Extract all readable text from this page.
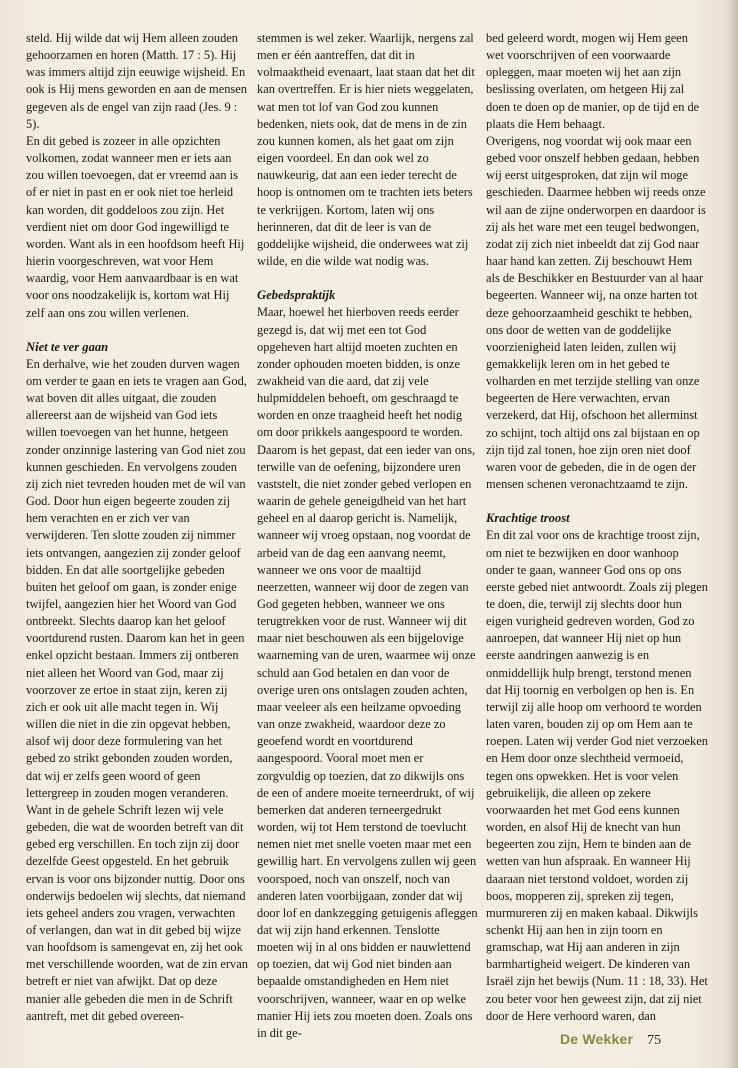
steld. Hij wilde dat wij Hem alleen zouden gehoorzamen en horen (Matth. 17 : 5). Hij was immers altijd zijn eeuwige wijsheid. En ook is Hij mens geworden en aan de mensen gegeven als de engel van zijn raad (Jes. 9 : 5).

En dit gebed is zozeer in alle opzichten volkomen, zodat wanneer men er iets aan zou willen toevoegen, dat er vreemd aan is of er niet in past en er ook niet toe herleid kan worden, dit goddeloos zou zijn. Het verdient niet om door God ingewilligd te worden. Want als in een hoofdsom heeft Hij hierin voorgeschreven, wat voor Hem waardig, voor Hem aanvaardbaar is en wat voor ons noodzakelijk is, kortom wat Hij zelf aan ons zou willen verlenen.

Niet te ver gaan

En derhalve, wie het zouden durven wagen om verder te gaan en iets te vragen aan God, wat boven dit alles uitgaat, die zouden allereerst aan de wijsheid van God iets willen toevoegen van het hunne, hetgeen zonder onzinnige lastering van God niet zou kunnen geschieden. En vervolgens zouden zij zich niet tevreden houden met de wil van God. Door hun eigen begeerte zouden zij hem verachten en er zich ver van verwijderen. Ten slotte zouden zij nimmer iets ontvangen, aangezien zij zonder geloof bidden. En dat alle soortgelijke gebeden buiten het geloof om gaan, is zonder enige twijfel, aangezien hier het Woord van God ontbreekt. Slechts daarop kan het geloof voortdurend rusten. Daarom kan het in geen enkel opzicht bestaan. Immers zij ontberen niet alleen het Woord van God, maar zij voorzover ze ertoe in staat zijn, keren zij zich er ook uit alle macht tegen in. Wij willen die niet in die zin opgevat hebben, alsof wij door deze formulering van het gebed zo strikt gebonden zouden worden, dat wij er zelfs geen woord of geen lettergreep in zouden mogen veranderen. Want in de gehele Schrift lezen wij vele gebeden, die wat de woorden betreft van dit gebed erg verschillen. En toch zijn zij door dezelfde Geest opgesteld. En het gebruik ervan is voor ons bijzonder nuttig. Door ons onderwijs bedoelen wij slechts, dat niemand iets geheel anders zou vragen, verwachten of verlangen, dan wat in dit gebed bij wijze van hoofdsom is samengevat en, zij het ook met verschillende woorden, wat de zin ervan betreft er niet van afwijkt. Dat op deze manier alle gebeden die men in de Schrift aantreft, met dit gebed overeen-

stemmen is wel zeker. Waarlijk, nergens zal men er één aantreffen, dat dit in volmaaktheid evenaart, laat staan dat het dit kan overtreffen. Er is hier niets weggelaten, wat men tot lof van God zou kunnen bedenken, niets ook, dat de mens in de zin zou kunnen komen, als het gaat om zijn eigen voordeel. En dan ook wel zo nauwkeurig, dat aan een ieder terecht de hoop is ontnomen om te trachten iets beters te verkrijgen. Kortom, laten wij ons herinneren, dat dit de leer is van de goddelijke wijsheid, die onderwees wat zij wilde, en die wilde wat nodig was.

Gebedspraktijk

Maar, hoewel het hierboven reeds eerder gezegd is, dat wij met een tot God opgeheven hart altijd moeten zuchten en zonder ophouden moeten bidden, is onze zwakheid van die aard, dat zij vele hulpmiddelen behoeft, om geschraagd te worden en onze traagheid heeft het nodig om door prikkels aangespoord te worden. Daarom is het gepast, dat een ieder van ons, terwille van de oefening, bijzondere uren vaststelt, die niet zonder gebed verlopen en waarin de gehele geneigdheid van het hart geheel en al daarop gericht is. Namelijk, wanneer wij vroeg opstaan, nog voordat de arbeid van de dag een aanvang neemt, wanneer we ons voor de maaltijd neerzetten, wanneer wij door de zegen van God gegeten hebben, wanneer we ons terugtrekken voor de rust. Wanneer wij dit maar niet beschouwen als een bijgelovige waarneming van de uren, waarmee wij onze schuld aan God betalen en dan voor de overige uren ons ontslagen zouden achten, maar veeleer als een heilzame opvoeding van onze zwakheid, waardoor deze zo geoefend wordt en voortdurend aangespoord. Vooral moet men er zorgvuldig op toezien, dat zo dikwijls ons de een of andere moeite terneerdrukt, of wij bemerken dat anderen terneergedrukt worden, wij tot Hem terstond de toevlucht nemen niet met snelle voeten maar met een gewillig hart. En vervolgens zullen wij geen voorspoed, noch van onszelf, noch van anderen laten voorbijgaan, zonder dat wij door lof en dankzegging getuigenis afleggen dat wij zijn hand erkennen. Tenslotte moeten wij in al ons bidden er nauwlettend op toezien, dat wij God niet binden aan bepaalde omstandigheden en Hem niet voorschrijven, wanneer, waar en op welke manier Hij iets zou moeten doen. Zoals ons in dit ge-

bed geleerd wordt, mogen wij Hem geen wet voorschrijven of een voorwaarde opleggen, maar moeten wij het aan zijn beslissing overlaten, om hetgeen Hij zal doen te doen op de manier, op de tijd en de plaats die Hem behaagt.

Overigens, nog voordat wij ook maar een gebed voor onszelf hebben gedaan, hebben wij eerst uitgesproken, dat zijn wil moge geschieden. Daarmee hebben wij reeds onze wil aan de zijne onderworpen en daardoor is zij als het ware met een teugel bedwongen, zodat zij zich niet inbeeldt dat zij God naar haar hand kan zetten. Zij beschouwt Hem als de Beschikker en Bestuurder van al haar begeerten. Wanneer wij, na onze harten tot deze gehoorzaamheid geschikt te hebben, ons door de wetten van de goddelijke voorzienigheid laten leiden, zullen wij gemakkelijk leren om in het gebed te volharden en met terzijde stelling van onze begeerten de Here verwachten, ervan verzekerd, dat Hij, ofschoon het allerminst zo schijnt, toch altijd ons zal bijstaan en op zijn tijd zal tonen, hoe zijn oren niet doof waren voor de gebeden, die in de ogen der mensen schenen veronachtzaamd te zijn.

Krachtige troost

En dit zal voor ons de krachtige troost zijn, om niet te bezwijken en door wanhoop onder te gaan, wanneer God ons op ons eerste gebed niet antwoordt. Zoals zij plegen te doen, die, terwijl zij slechts door hun eigen vurigheid gedreven worden, God zo aanroepen, dat wanneer Hij niet op hun eerste aandringen aanwezig is en onmiddellijk hulp brengt, terstond menen dat Hij toornig en verbolgen op hen is. En terwijl zij alle hoop om verhoord te worden laten varen, bouden zij op om Hem aan te roepen. Laten wij verder God niet verzoeken en Hem door onze slechtheid vermoeid, tegen ons opwekken. Het is voor velen gebruikelijk, die alleen op zekere voorwaarden het met God eens kunnen worden, en alsof Hij de knecht van hun begeerten zou zijn, Hem te binden aan de wetten van hun afspraak. En wanneer Hij daaraan niet terstond voldoet, worden zij boos, mopperen zij, spreken zij tegen, murmureren zij en maken kabaal. Dikwijls schenkt Hij aan hen in zijn toorn en gramschap, wat Hij aan anderen in zijn barmhartigheid weigert. De kinderen van Israël zijn het bewijs (Num. 11 : 18, 33). Het zou beter voor hen geweest zijn, dat zij niet door de Here verhoord waren, dan

De Wekker 75
